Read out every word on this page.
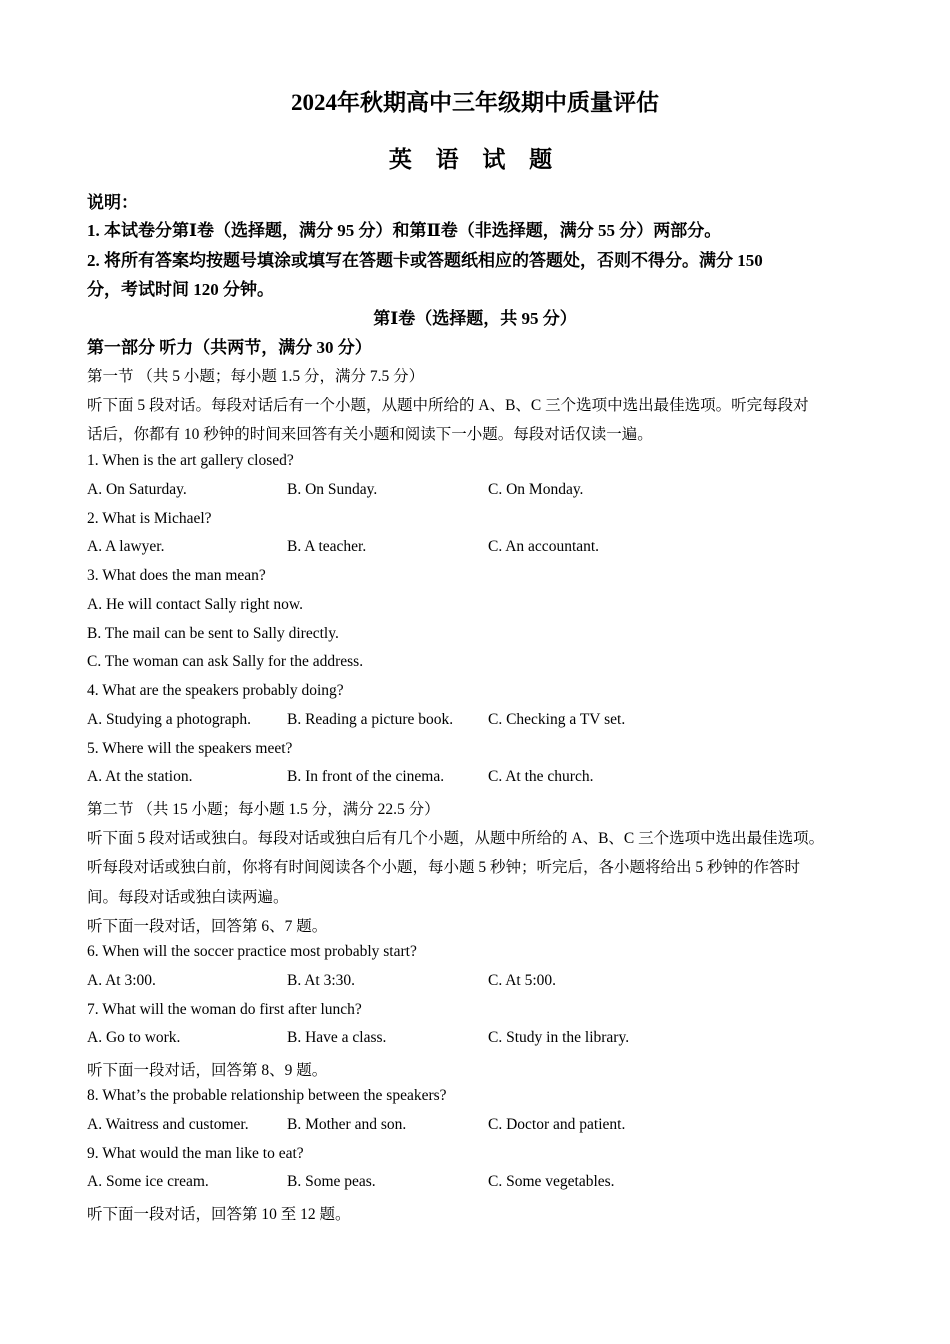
2024年秋期高中三年级期中质量评估
英 语 试 题
说明：
1. 本试卷分第Ⅰ卷（选择题，满分 95 分）和第Ⅱ卷（非选择题，满分 55 分）两部分。
2. 将所有答案均按题号填涂或填写在答题卡或答题纸相应的答题处，否则不得分。满分 150
分，考试时间 120 分钟。
第Ⅰ卷（选择题，共 95 分）
第一部分 听力（共两节，满分 30 分）
第一节 （共 5 小题；每小题 1.5 分，满分 7.5 分）
听下面 5 段对话。每段对话后有一个小题，从题中所给的 A、B、C 三个选项中选出最佳选项。听完每段对
话后，你都有 10 秒钟的时间来回答有关小题和阅读下一小题。每段对话仅读一遍。
1. When is the art gallery closed?
A. On Saturday.	B. On Sunday.	C. On Monday.
2. What is Michael?
A. A lawyer.	B. A teacher.	C. An accountant.
3. What does the man mean?
A. He will contact Sally right now.
B. The mail can be sent to Sally directly.
C. The woman can ask Sally for the address.
4. What are the speakers probably doing?
A. Studying a photograph. B. Reading a picture book. C. Checking a TV set.
5. Where will the speakers meet?
A. At the station.	B. In front of the cinema.	C. At the church.
第二节 （共 15 小题；每小题 1.5 分，满分 22.5 分）
听下面 5 段对话或独白。每段对话或独白后有几个小题，从题中所给的 A、B、C 三个选项中选出最佳选项。
听每段对话或独白前，你将有时间阅读各个小题，每小题 5 秒钟；听完后，各小题将给出 5 秒钟的作答时
间。每段对话或独白读两遍。
听下面一段对话，回答第 6、7 题。
6. When will the soccer practice most probably start?
A. At 3:00.	B. At 3:30.	C. At 5:00.
7. What will the woman do first after lunch?
A. Go to work.	B. Have a class.	C. Study in the library.
听下面一段对话，回答第 8、9 题。
8. What’s the probable relationship between the speakers?
A. Waitress and customer. B. Mother and son.	C. Doctor and patient.
9. What would the man like to eat?
A. Some ice cream.	B. Some peas.	C. Some vegetables.
听下面一段对话，回答第 10 至 12 题。
